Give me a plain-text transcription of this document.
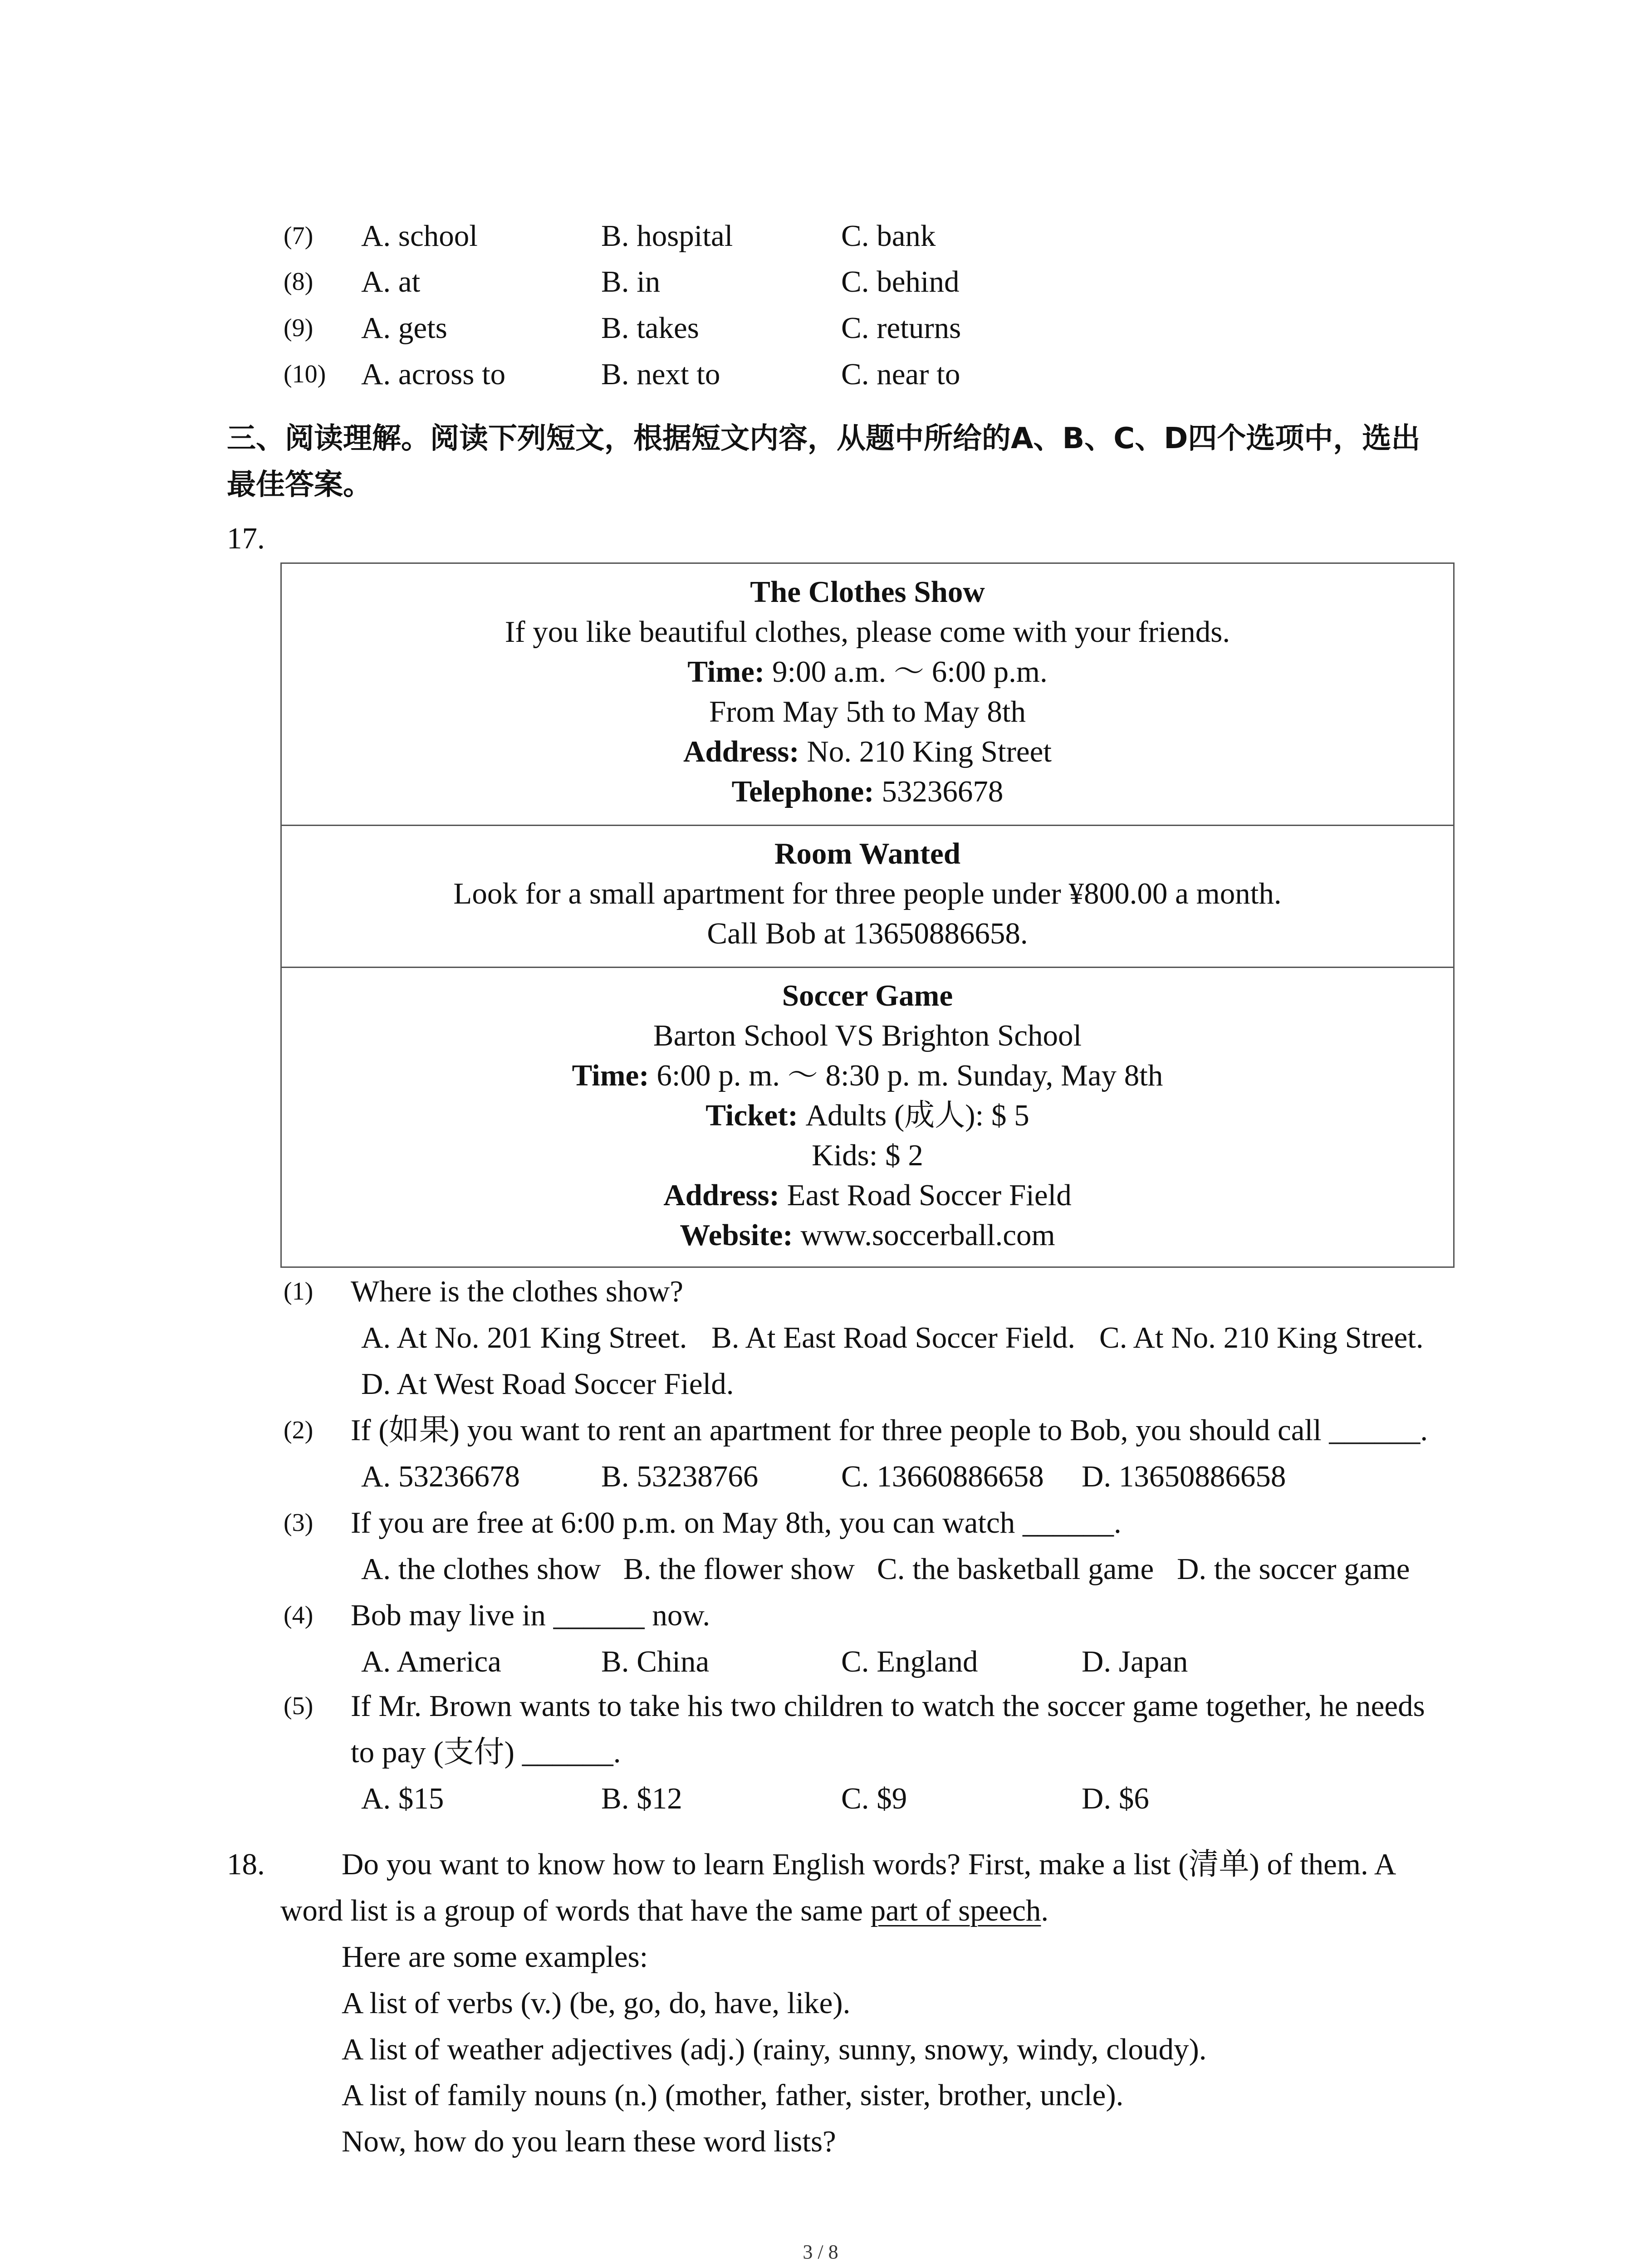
(7)

A. school

	B. hospital

	C. bank

(8)

A. at

	B. in

	C. behind

(9)

A. gets

	B. takes

	C. returns

(10)

A. across to

	B. next to

	C. near to

三、阅读理解。阅读下列短文，根据短文内容，从题中所给的A、B、C、D四个选项中，选出
最佳答案。
17.
The Clothes Show
If you like beautiful clothes, please come with your friends.
Time: 9:00 a.m. ～ 6:00 p.m.
From May 5th to May 8th
Address: No. 210 King Street
Telephone: 53236678
Room Wanted
Look for a small apartment for three people under ¥800.00 a month.
Call Bob at 13650886658.
Soccer Game
Barton School VS Brighton School
Time: 6:00 p. m. ～ 8:30 p. m. Sunday, May 8th
Ticket: Adults (成人): $ 5
Kids: $ 2
Address: East Road Soccer Field
Website: www.soccerball.com

(1)

Where is the clothes show?

A. At No. 201 King Street.

B. At East Road Soccer Field.

C. At No. 210 King Street.

D. At West Road Soccer Field.

(2)

If (如果) you want to rent an apartment for three people to Bob, you should call ______.

A. 53236678

	B. 53238766

	C. 13660886658

D. 13650886658

(3)

If you are free at 6:00 p.m. on May 8th, you can watch ______.

A. the clothes show

B. the flower show

C. the basketball game

D. the soccer game

(4)

Bob may live in ______ now.

A. America

	B. China

	C. England

	D. Japan

(5)

If Mr. Brown wants to take his two children to watch the soccer game together, he needs

to pay (支付) ______.

A. $15

	B. $12

	C. $9

	D. $6

18.	Do you want to know how to learn English words? First, make a list (清单) of them. A
word list is a group of words that have the same part of speech.
Here are some examples:
A list of verbs (v.) (be, go, do, have, like).
A list of weather adjectives (adj.) (rainy, sunny, snowy, windy, cloudy).
A list of family nouns (n.) (mother, father, sister, brother, uncle).
Now, how do you learn these word lists?
3 / 8
